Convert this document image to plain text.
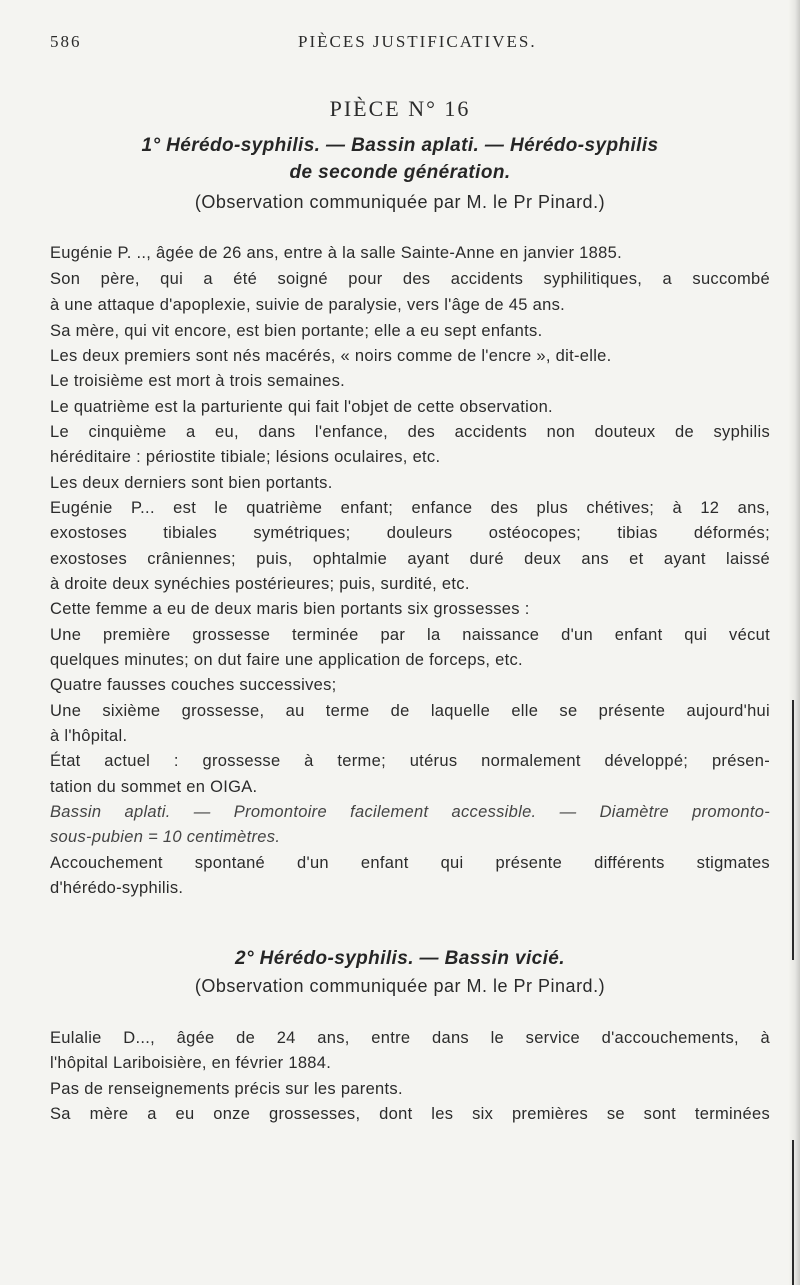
586	PIÈCES JUSTIFICATIVES.
PIÈCE N° 16
1° Hérédo-syphilis. — Bassin aplati. — Hérédo-syphilis
de seconde génération.
(Observation communiquée par M. le Pr Pinard.)
Eugénie P. .., âgée de 26 ans, entre à la salle Sainte-Anne en janvier 1885.
Son père, qui a été soigné pour des accidents syphilitiques, a succombé
à une attaque d'apoplexie, suivie de paralysie, vers l'âge de 45 ans.
Sa mère, qui vit encore, est bien portante; elle a eu sept enfants.
Les deux premiers sont nés macérés, « noirs comme de l'encre », dit-elle.
Le troisième est mort à trois semaines.
Le quatrième est la parturiente qui fait l'objet de cette observation.
Le cinquième a eu, dans l'enfance, des accidents non douteux de syphilis
héréditaire : périostite tibiale; lésions oculaires, etc.
Les deux derniers sont bien portants.
Eugénie P... est le quatrième enfant; enfance des plus chétives; à 12 ans,
exostoses tibiales symétriques; douleurs ostéocopes; tibias déformés;
exostoses crâniennes; puis, ophtalmie ayant duré deux ans et ayant laissé
à droite deux synéchies postérieures; puis, surdité, etc.
Cette femme a eu de deux maris bien portants six grossesses :
Une première grossesse terminée par la naissance d'un enfant qui vécut
quelques minutes; on dut faire une application de forceps, etc.
Quatre fausses couches successives;
Une sixième grossesse, au terme de laquelle elle se présente aujourd'hui
à l'hôpital.
État actuel : grossesse à terme; utérus normalement développé; présen-
tation du sommet en OIGA.
Bassin aplati. — Promontoire facilement accessible. — Diamètre promonto-
sous-pubien = 10 centimètres.
Accouchement spontané d'un enfant qui présente différents stigmates
d'hérédo-syphilis.
2° Hérédo-syphilis. — Bassin vicié.
(Observation communiquée par M. le Pr Pinard.)
Eulalie D..., âgée de 24 ans, entre dans le service d'accouchements, à
l'hôpital Lariboisière, en février 1884.
Pas de renseignements précis sur les parents.
Sa mère a eu onze grossesses, dont les six premières se sont terminées
